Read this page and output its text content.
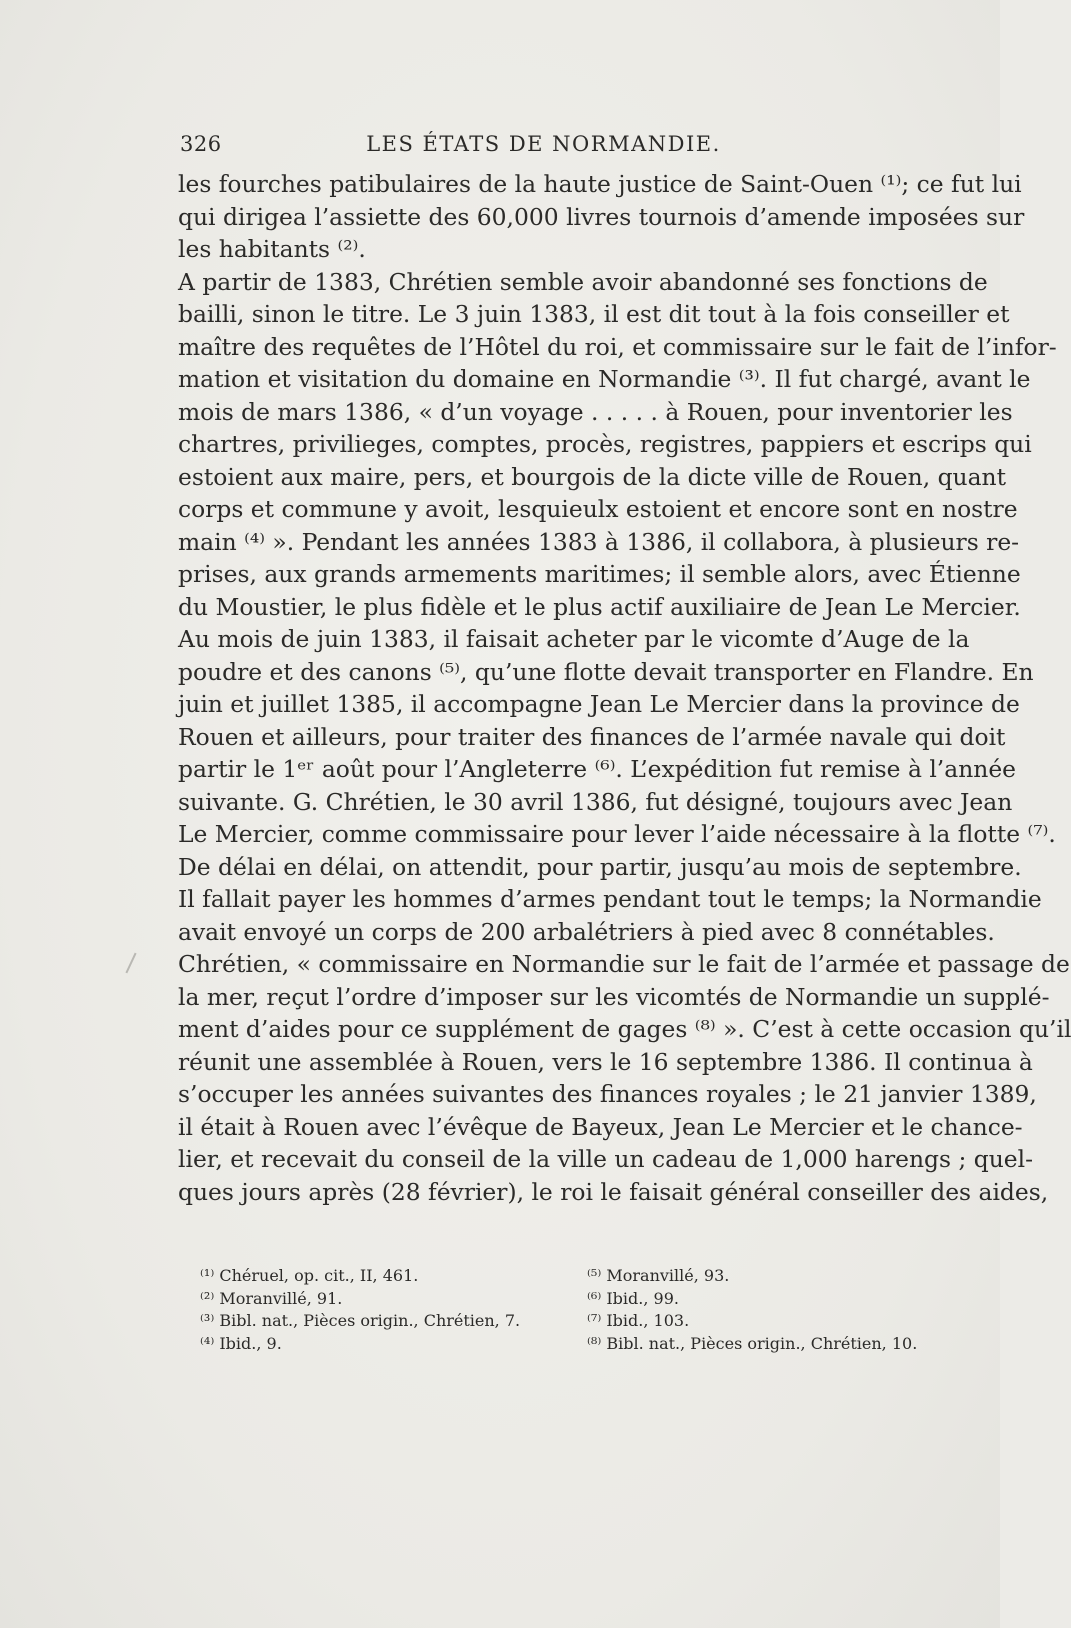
326	LES ÉTATS DE NORMANDIE.
les fourches patibulaires de la haute justice de Saint-Ouen ⁽¹⁾; ce fut lui
qui dirigea l’assiette des 60,000 livres tournois d’amende imposées sur
les habitants ⁽²⁾.
A partir de 1383, Chrétien semble avoir abandonné ses fonctions de
bailli, sinon le titre. Le 3 juin 1383, il est dit tout à la fois conseiller et
maître des requêtes de l’Hôtel du roi, et commissaire sur le fait de l’infor-
mation et visitation du domaine en Normandie ⁽³⁾. Il fut chargé, avant le
mois de mars 1386, « d’un voyage . . . . . à Rouen, pour inventorier les
chartres, privilieges, comptes, procès, registres, pappiers et escrips qui
estoient aux maire, pers, et bourgois de la dicte ville de Rouen, quant
corps et commune y avoit, lesquieulx estoient et encore sont en nostre
main ⁽⁴⁾ ». Pendant les années 1383 à 1386, il collabora, à plusieurs re-
prises, aux grands armements maritimes; il semble alors, avec Étienne
du Moustier, le plus fidèle et le plus actif auxiliaire de Jean Le Mercier.
Au mois de juin 1383, il faisait acheter par le vicomte d’Auge de la
poudre et des canons ⁽⁵⁾, qu’une flotte devait transporter en Flandre. En
juin et juillet 1385, il accompagne Jean Le Mercier dans la province de
Rouen et ailleurs, pour traiter des finances de l’armée navale qui doit
partir le 1ᵉʳ août pour l’Angleterre ⁽⁶⁾. L’expédition fut remise à l’année
suivante. G. Chrétien, le 30 avril 1386, fut désigné, toujours avec Jean
Le Mercier, comme commissaire pour lever l’aide nécessaire à la flotte ⁽⁷⁾.
De délai en délai, on attendit, pour partir, jusqu’au mois de septembre.
Il fallait payer les hommes d’armes pendant tout le temps; la Normandie
avait envoyé un corps de 200 arbalétriers à pied avec 8 connétables.
Chrétien, « commissaire en Normandie sur le fait de l’armée et passage de
la mer, reçut l’ordre d’imposer sur les vicomtés de Normandie un supplé-
ment d’aides pour ce supplément de gages ⁽⁸⁾ ». C’est à cette occasion qu’il
réunit une assemblée à Rouen, vers le 16 septembre 1386. Il continua à
s’occuper les années suivantes des finances royales ; le 21 janvier 1389,
il était à Rouen avec l’évêque de Bayeux, Jean Le Mercier et le chance-
lier, et recevait du conseil de la ville un cadeau de 1,000 harengs ; quel-
ques jours après (28 février), le roi le faisait général conseiller des aides,
⁽¹⁾ Chéruel, op. cit., II, 461.
⁽²⁾ Moranvillé, 91.
⁽³⁾ Bibl. nat., Pièces origin., Chrétien, 7.
⁽⁴⁾ Ibid., 9.
⁽⁵⁾ Moranvillé, 93.
⁽⁶⁾ Ibid., 99.
⁽⁷⁾ Ibid., 103.
⁽⁸⁾ Bibl. nat., Pièces origin., Chrétien, 10.
